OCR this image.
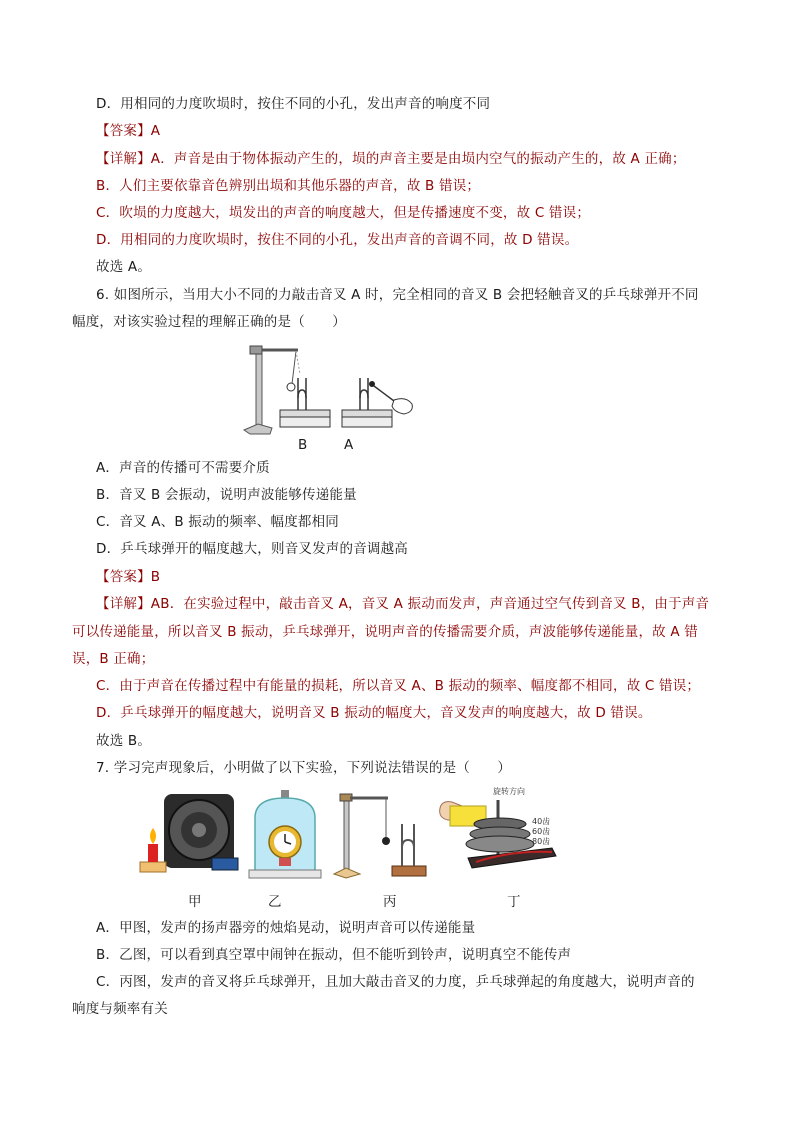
D．用相同的力度吹埙时，按住不同的小孔，发出声音的响度不同
【答案】A
【详解】A．声音是由于物体振动产生的，埙的声音主要是由埙内空气的振动产生的，故 A 正确；
B．人们主要依靠音色辨别出埙和其他乐器的声音，故 B 错误；
C．吹埙的力度越大，埙发出的声音的响度越大，但是传播速度不变，故 C 错误；
D．用相同的力度吹埙时，按住不同的小孔，发出声音的音调不同，故 D 错误。
故选 A。
6. 如图所示，当用大小不同的力敲击音叉 A 时，完全相同的音叉 B 会把轻触音叉的乒乓球弹开不同
幅度，对该实验过程的理解正确的是（　　）
B	A
A．声音的传播可不需要介质
B．音叉 B 会振动，说明声波能够传递能量
C．音叉 A、B 振动的频率、幅度都相同
D．乒乓球弹开的幅度越大，则音叉发声的音调越高
【答案】B
【详解】AB．在实验过程中，敲击音叉 A，音叉 A 振动而发声，声音通过空气传到音叉 B，由于声音
可以传递能量，所以音叉 B 振动，乒乓球弹开，说明声音的传播需要介质，声波能够传递能量，故 A 错
误，B 正确；
C．由于声音在传播过程中有能量的损耗，所以音叉 A、B 振动的频率、幅度都不相同，故 C 错误；
D．乒乓球弹开的幅度越大，说明音叉 B 振动的幅度大，音叉发声的响度越大，故 D 错误。
故选 B。
7. 学习完声现象后，小明做了以下实验，下列说法错误的是（　　）
旋转方向
40齿
60齿
80齿
甲	乙	丙	丁
A．甲图，发声的扬声器旁的烛焰晃动，说明声音可以传递能量
B．乙图，可以看到真空罩中闹钟在振动，但不能听到铃声，说明真空不能传声
C．丙图，发声的音叉将乒乓球弹开，且加大敲击音叉的力度，乒乓球弹起的角度越大，说明声音的
响度与频率有关
